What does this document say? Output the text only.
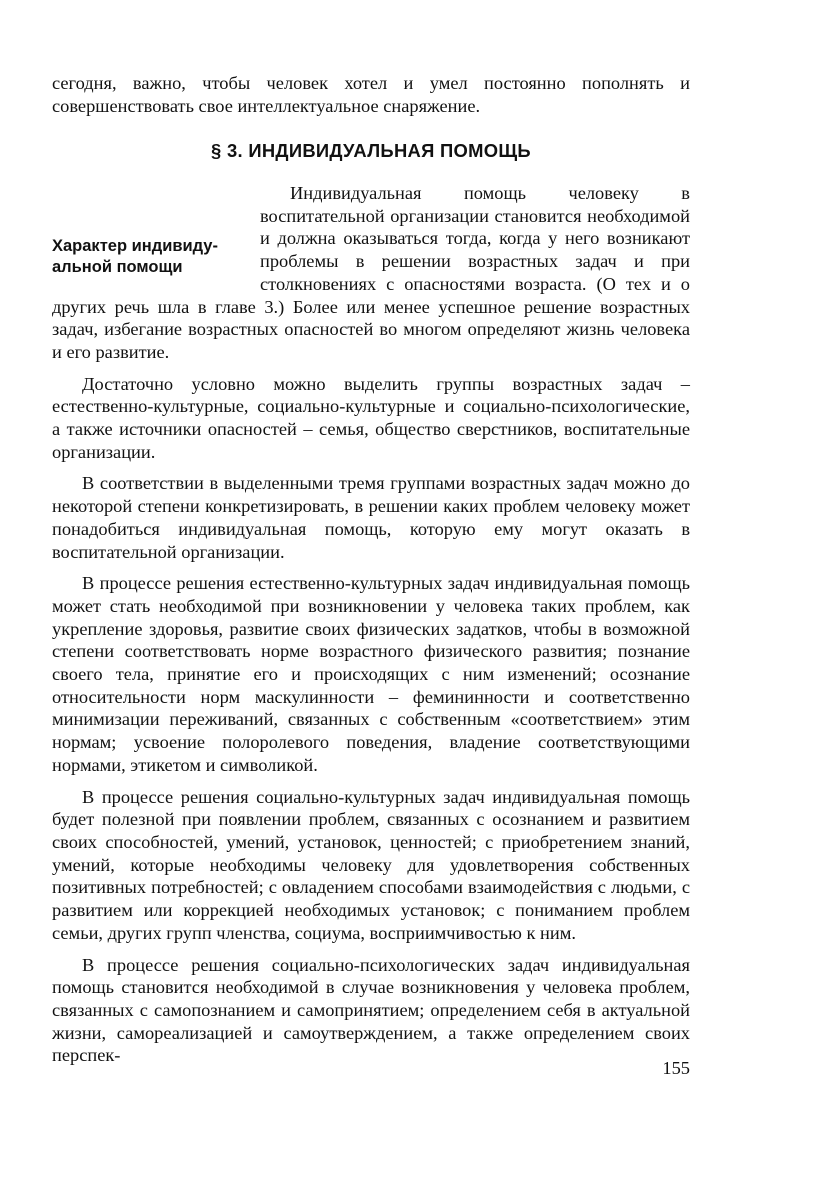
сегодня, важно, чтобы человек хотел и умел постоянно пополнять и совершенствовать свое интеллектуальное снаряжение.

§ 3. ИНДИВИДУАЛЬНАЯ ПОМОЩЬ

Индивидуальная помощь человеку в воспитательной организации становится необходимой и должна оказываться тогда, когда у него возникают проблемы в решении возрастных задач и при столкновениях с опасностями возраста. (О тех и о других речь шла в главе 3.) Более или менее успешное решение возрастных задач, избегание возрастных опасностей во многом определяют жизнь человека и его развитие.

Характер индивиду-альной помощи

Достаточно условно можно выделить группы возрастных задач – естественно-культурные, социально-культурные и социально-психологические, а также источники опасностей – семья, общество сверстников, воспитательные организации.

В соответствии в выделенными тремя группами возрастных задач можно до некоторой степени конкретизировать, в решении каких проблем человеку может понадобиться индивидуальная помощь, которую ему могут оказать в воспитательной организации.

В процессе решения естественно-культурных задач индивидуальная помощь может стать необходимой при возникновении у человека таких проблем, как укрепление здоровья, развитие своих физических задатков, чтобы в возможной степени соответствовать норме возрастного физического развития; познание своего тела, принятие его и происходящих с ним изменений; осознание относительности норм маскулинности – фемининности и соответственно минимизации переживаний, связанных с собственным «соответствием» этим нормам; усвоение полоролевого поведения, владение соответствующими нормами, этикетом и символикой.

В процессе решения социально-культурных задач индивидуальная помощь будет полезной при появлении проблем, связанных с осознанием и развитием своих способностей, умений, установок, ценностей; с приобретением знаний, умений, которые необходимы человеку для удовлетворения собственных позитивных потребностей; с овладением способами взаимодействия с людьми, с развитием или коррекцией необходимых установок; с пониманием проблем семьи, других групп членства, социума, восприимчивостью к ним.

В процессе решения социально-психологических задач индивидуальная помощь становится необходимой в случае возникновения у человека проблем, связанных с самопознанием и самопринятием; определением себя в актуальной жизни, самореализацией и самоутверждением, а также определением своих перспек-

155
